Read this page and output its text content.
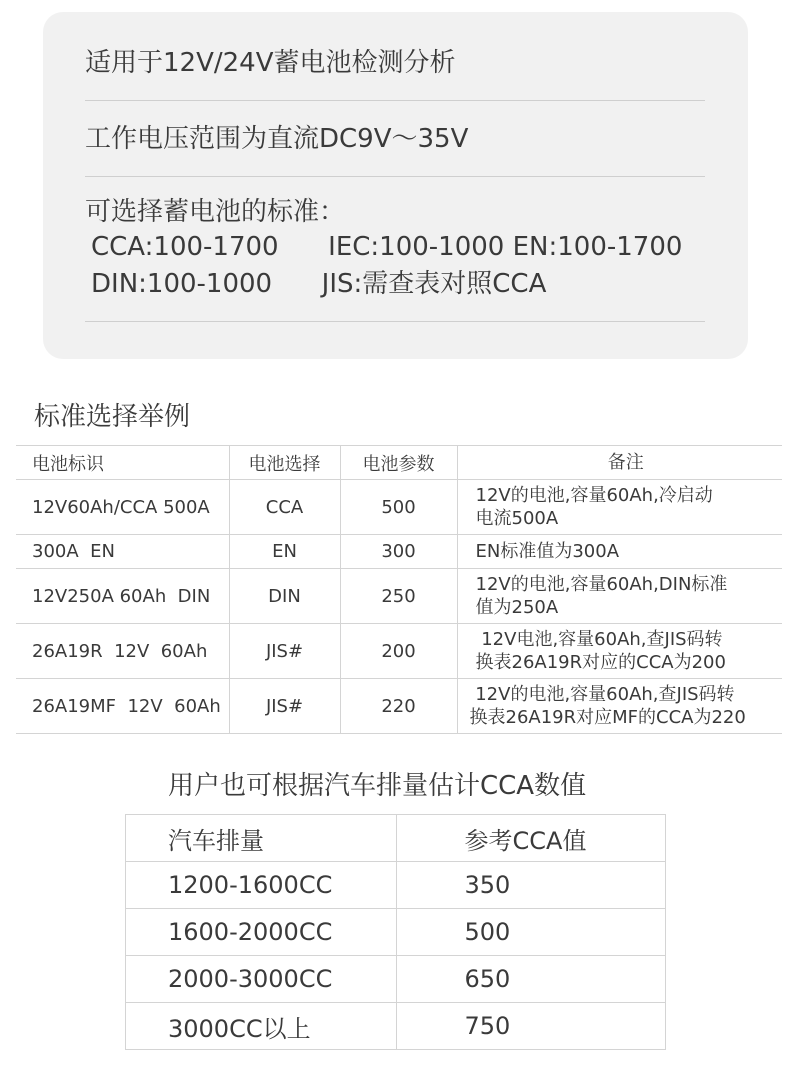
适用于12V/24V蓄电池检测分析
工作电压范围为直流DC9V～35V
可选择蓄电池的标准：
CCA:100-1700      IEC:100-1000 EN:100-1700
DIN:100-1000      JIS:需查表对照CCA
标准选择举例
电池标识	电池选择	电池参数	备注
12V60Ah/CCA 500A	CCA	500	12V的电池,容量60Ah,冷启动
电流500A

300A  EN	EN	300	EN标准值为300A

12V250A 60Ah  DIN	DIN	250	12V的电池,容量60Ah,DIN标准
值为250A

26A19R  12V  60Ah	JIS#	200	12V电池,容量60Ah,查JIS码转
换表26A19R对应的CCA为200

26A19MF  12V  60Ah	JIS#	220	12V的电池,容量60Ah,查JIS码转
换表26A19R对应MF的CCA为220
用户也可根据汽车排量估计CCA数值
汽车排量	参考CCA值
1200-1600CC	350
1600-2000CC	500
2000-3000CC	650
3000CC以上	750
